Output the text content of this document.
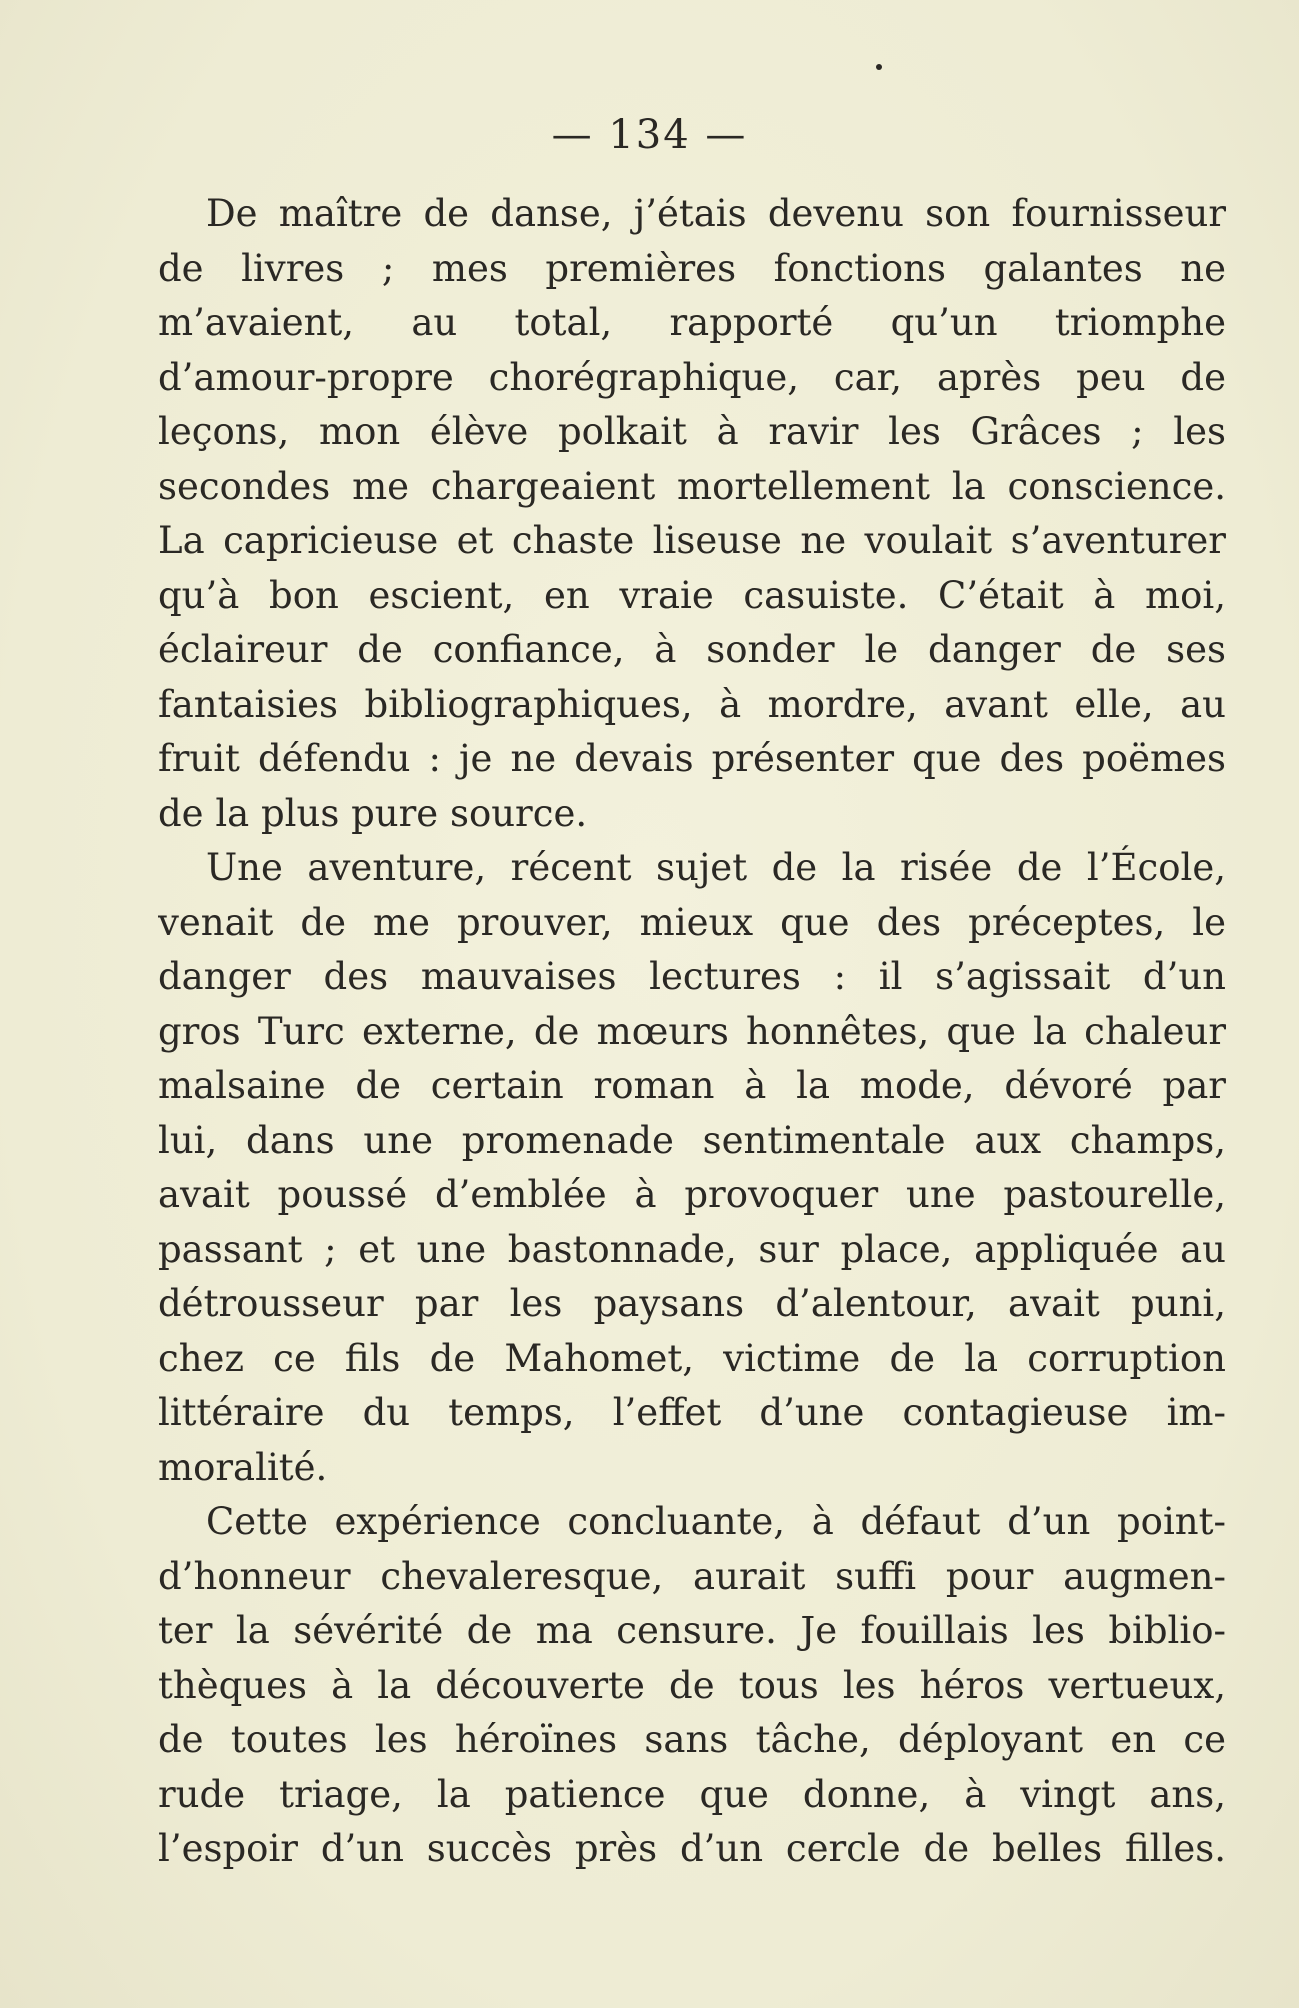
— 134 —
De maître de danse, j’étais devenu son fournisseur
de livres ; mes premières fonctions galantes ne
m’avaient, au total, rapporté qu’un triomphe
d’amour-propre chorégraphique, car, après peu de
leçons, mon élève polkait à ravir les Grâces ; les
secondes me chargeaient mortellement la conscience.
La capricieuse et chaste liseuse ne voulait s’aventurer
qu’à bon escient, en vraie casuiste. C’était à moi,
éclaireur de confiance, à sonder le danger de ses
fantaisies bibliographiques, à mordre, avant elle, au
fruit défendu : je ne devais présenter que des poëmes
de la plus pure source.
Une aventure, récent sujet de la risée de l’École,
venait de me prouver, mieux que des préceptes, le
danger des mauvaises lectures : il s’agissait d’un
gros Turc externe, de mœurs honnêtes, que la chaleur
malsaine de certain roman à la mode, dévoré par
lui, dans une promenade sentimentale aux champs,
avait poussé d’emblée à provoquer une pastourelle,
passant ; et une bastonnade, sur place, appliquée au
détrousseur par les paysans d’alentour, avait puni,
chez ce fils de Mahomet, victime de la corruption
littéraire du temps, l’effet d’une contagieuse im-
moralité.
Cette expérience concluante, à défaut d’un point-
d’honneur chevaleresque, aurait suffi pour augmen-
ter la sévérité de ma censure. Je fouillais les biblio-
thèques à la découverte de tous les héros vertueux,
de toutes les héroïnes sans tâche, déployant en ce
rude triage, la patience que donne, à vingt ans,
l’espoir d’un succès près d’un cercle de belles filles.
